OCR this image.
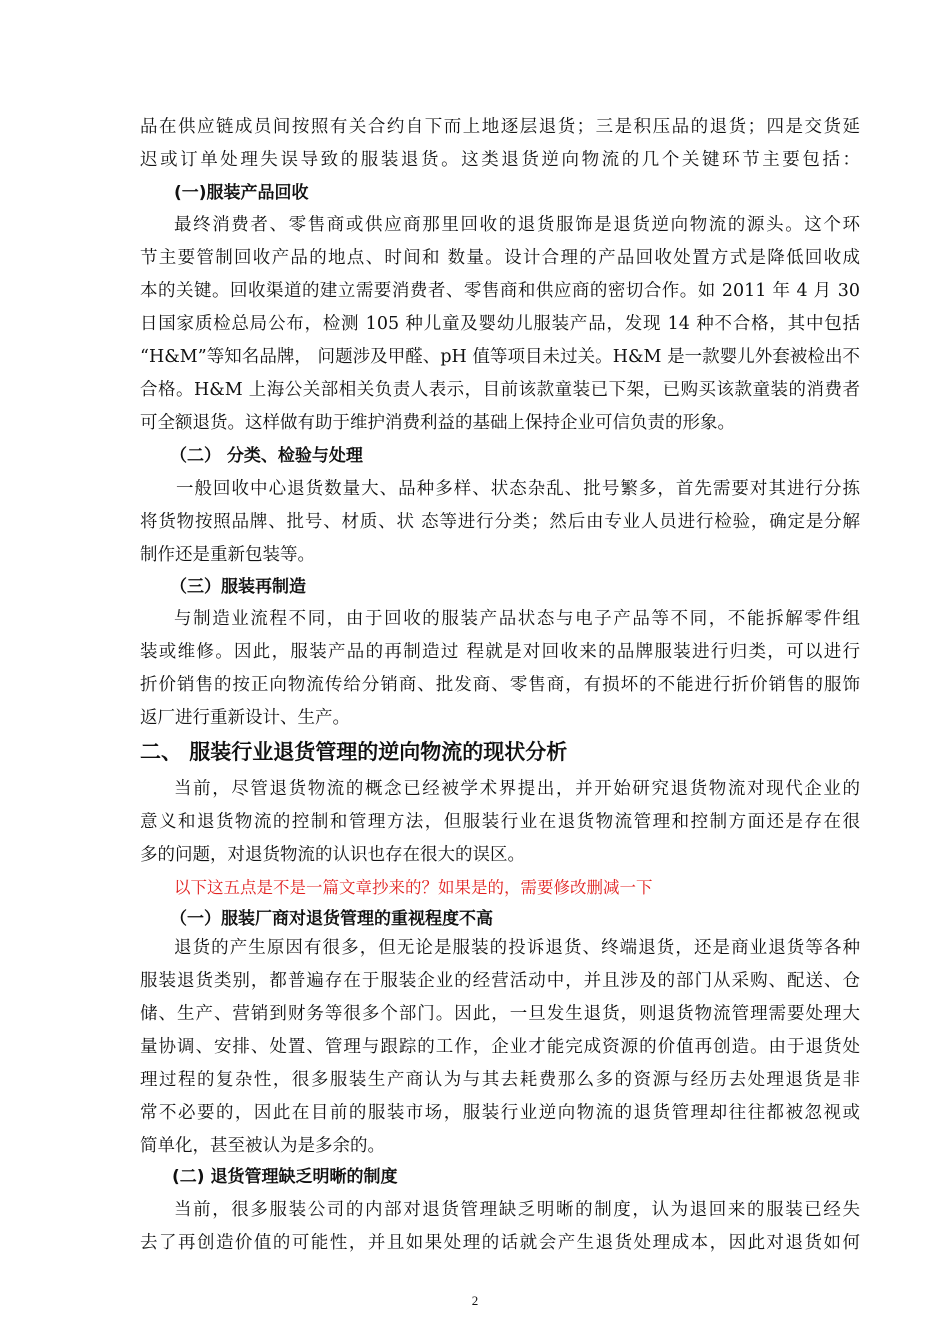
品在供应链成员间按照有关合约自下而上地逐层退货；三是积压品的退货；四是交货延
迟或订单处理失误导致的服装退货。这类退货逆向物流的几个关键环节主要包括：
(一)服装产品回收
最终消费者、零售商或供应商那里回收的退货服饰是退货逆向物流的源头。这个环
节主要管制回收产品的地点、时间和 数量。设计合理的产品回收处置方式是降低回收成
本的关键。回收渠道的建立需要消费者、零售商和供应商的密切合作。如 2011 年 4 月 30
日国家质检总局公布，检测 105 种儿童及婴幼儿服装产品，发现 14 种不合格，其中包括
“H&M”等知名品牌， 问题涉及甲醛、pH 值等项目未过关。H&M 是一款婴儿外套被检出不
合格。H&M 上海公关部相关负责人表示，目前该款童装已下架，已购买该款童装的消费者
可全额退货。这样做有助于维护消费利益的基础上保持企业可信负责的形象。
（二） 分类、检验与处理
一般回收中心退货数量大、品种多样、状态杂乱、批号繁多，首先需要对其进行分拣
将货物按照品牌、批号、材质、状 态等进行分类；然后由专业人员进行检验，确定是分解
制作还是重新包装等。
（三）服装再制造
与制造业流程不同，由于回收的服装产品状态与电子产品等不同，不能拆解零件组
装或维修。因此，服装产品的再制造过 程就是对回收来的品牌服装进行归类，可以进行
折价销售的按正向物流传给分销商、批发商、零售商，有损坏的不能进行折价销售的服饰
返厂进行重新设计、生产。
二、 服装行业退货管理的逆向物流的现状分析
当前，尽管退货物流的概念已经被学术界提出，并开始研究退货物流对现代企业的
意义和退货物流的控制和管理方法，但服装行业在退货物流管理和控制方面还是存在很
多的问题，对退货物流的认识也存在很大的误区。
以下这五点是不是一篇文章抄来的？如果是的，需要修改删减一下
（一）服装厂商对退货管理的重视程度不高
退货的产生原因有很多，但无论是服装的投诉退货、终端退货，还是商业退货等各种
服装退货类别，都普遍存在于服装企业的经营活动中，并且涉及的部门从采购、配送、仓
储、生产、营销到财务等很多个部门。因此，一旦发生退货，则退货物流管理需要处理大
量协调、安排、处置、管理与跟踪的工作，企业才能完成资源的价值再创造。由于退货处
理过程的复杂性，很多服装生产商认为与其去耗费那么多的资源与经历去处理退货是非
常不必要的，因此在目前的服装市场，服装行业逆向物流的退货管理却往往都被忽视或
简单化，甚至被认为是多余的。
(二) 退货管理缺乏明晰的制度
当前，很多服装公司的内部对退货管理缺乏明晰的制度，认为退回来的服装已经失
去了再创造价值的可能性，并且如果处理的话就会产生退货处理成本，因此对退货如何
2
